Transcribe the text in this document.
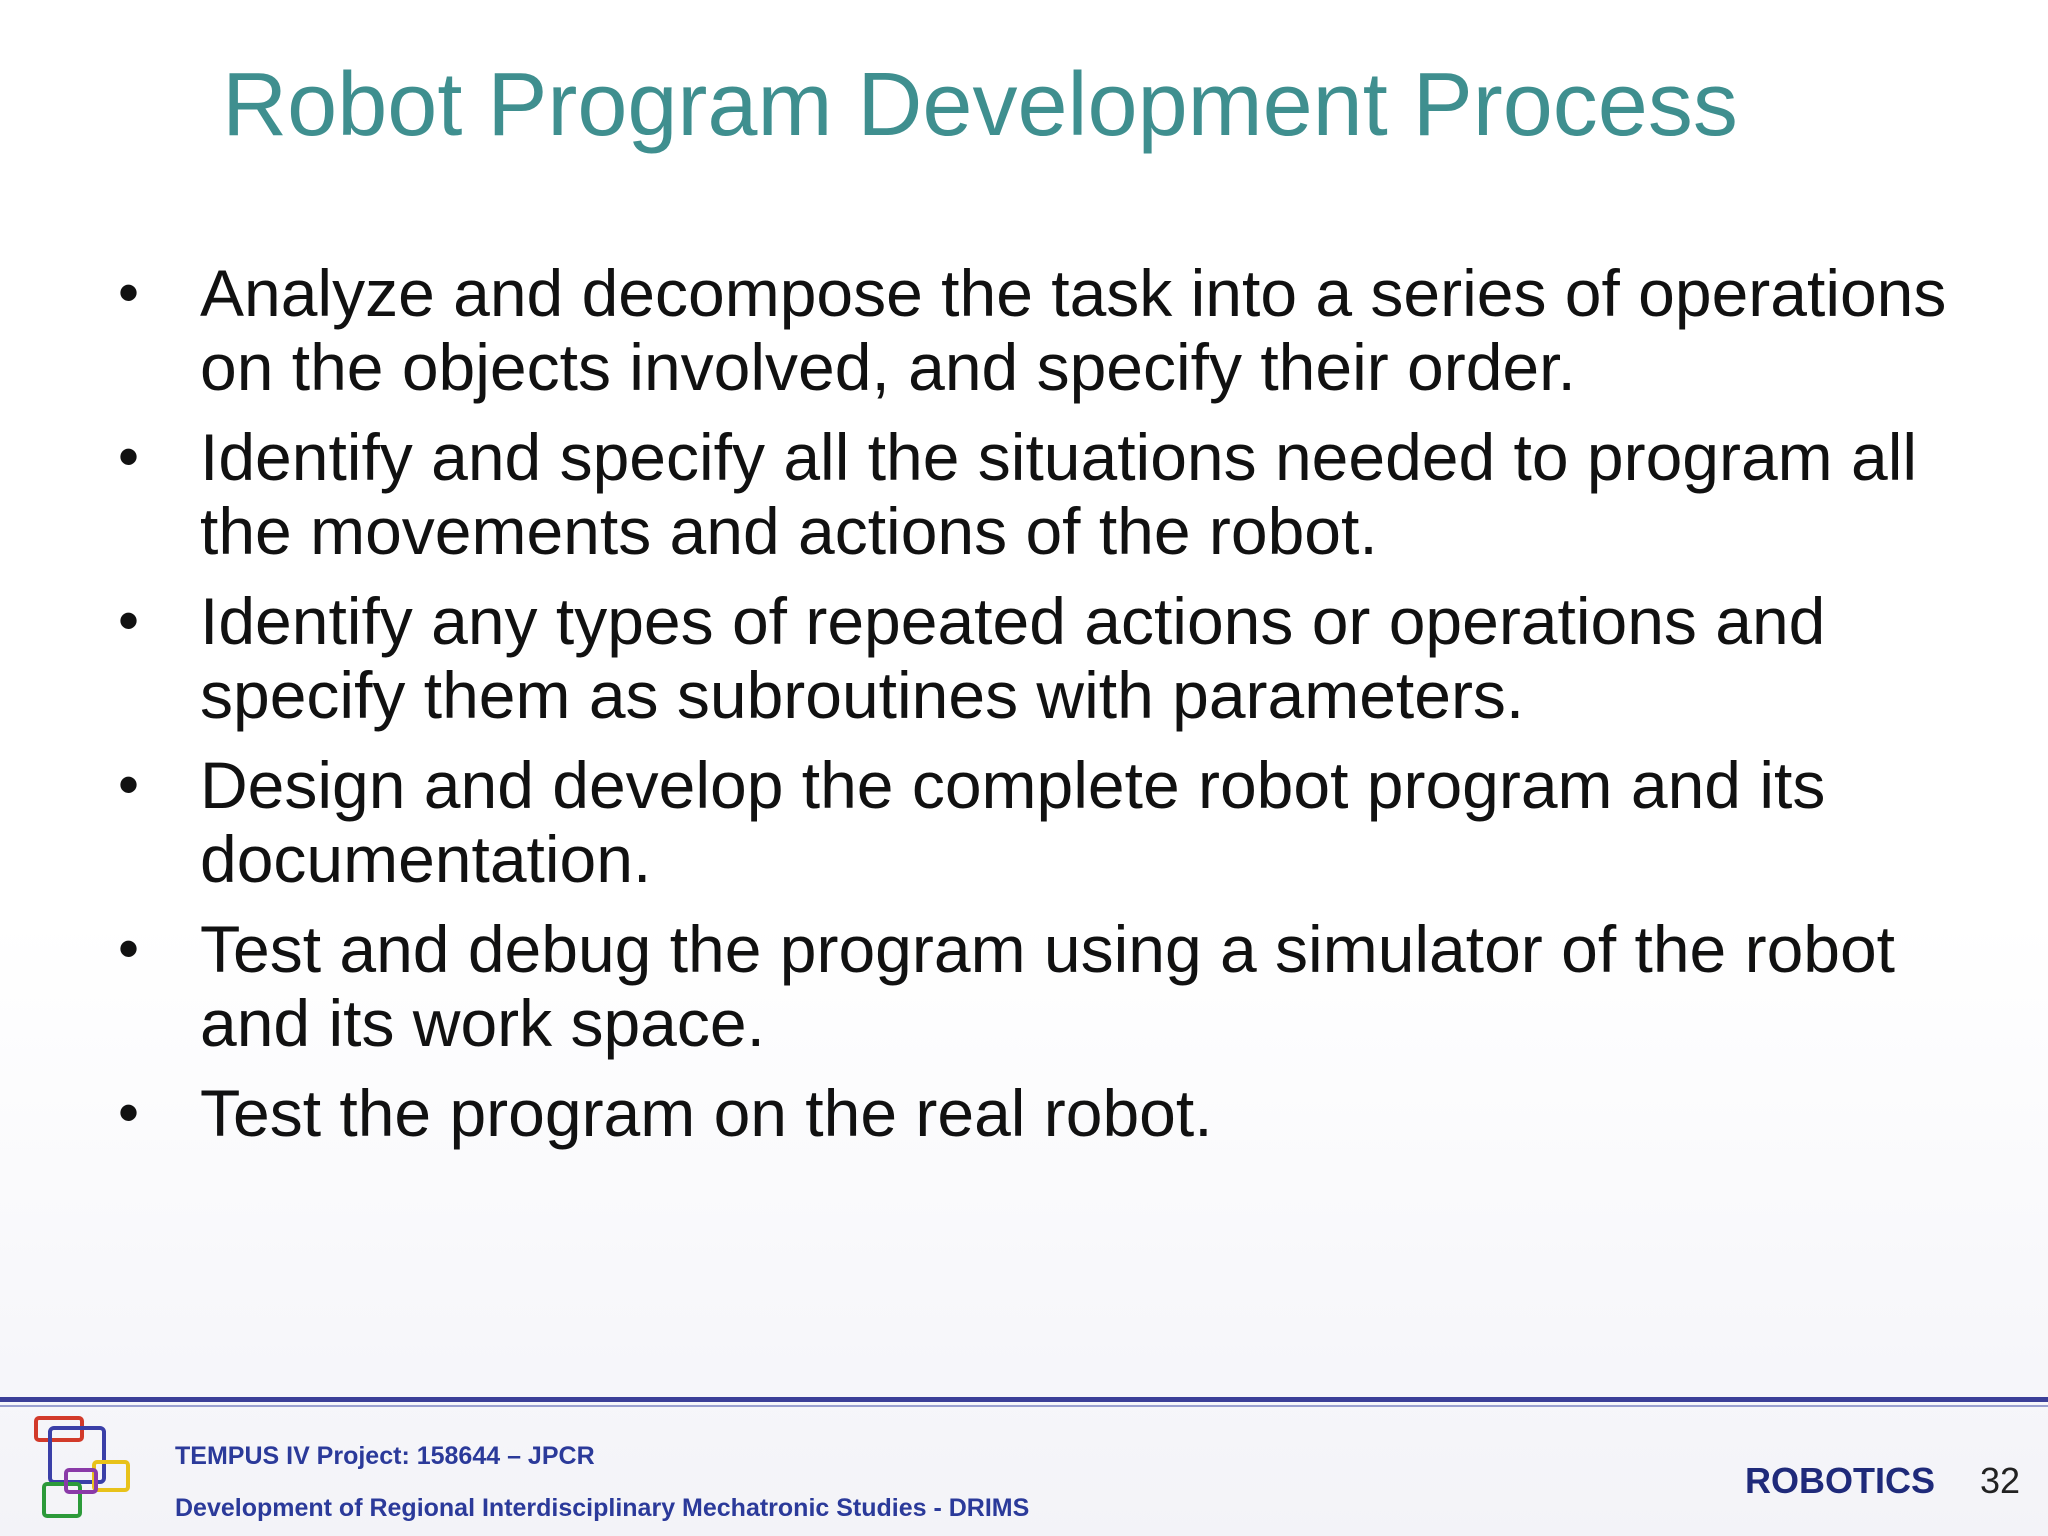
Robot Program Development Process
• Analyze and decompose the task into a series of operations on the objects involved, and specify their order.
• Identify and specify all the situations needed to program all the movements and actions of the robot.
• Identify any types of repeated actions or operations and specify them as subroutines with parameters.
• Design and develop the complete robot program and its documentation.
• Test and debug the program using a simulator of the robot and its work space.
• Test the program on the real robot.
TEMPUS IV Project: 158644 – JPCR
Development of Regional Interdisciplinary Mechatronic Studies - DRIMS
ROBOTICS 32
